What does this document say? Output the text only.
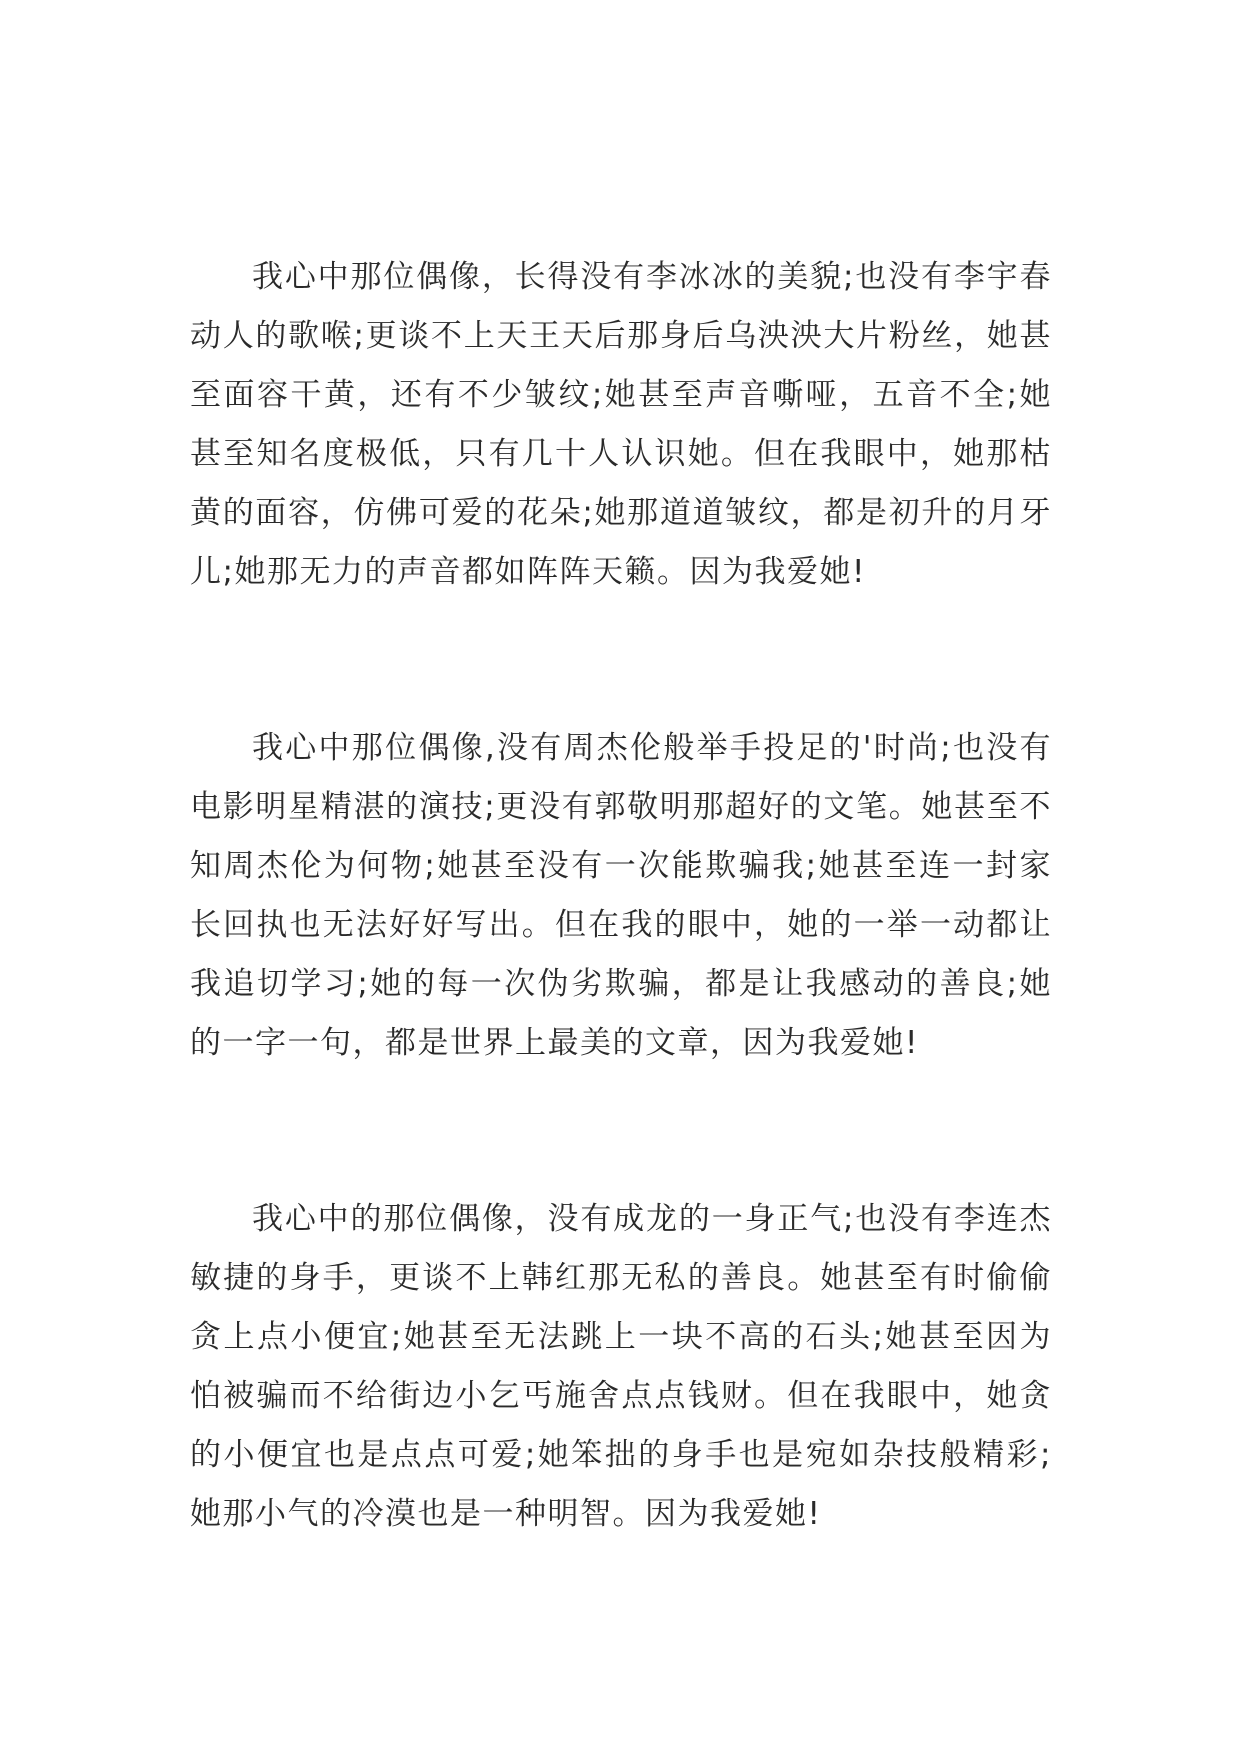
我心中那位偶像，长得没有李冰冰的美貌;也没有李宇春动人的歌喉;更谈不上天王天后那身后乌泱泱大片粉丝，她甚至面容干黄，还有不少皱纹;她甚至声音嘶哑，五音不全;她甚至知名度极低，只有几十人认识她。但在我眼中，她那枯黄的面容，仿佛可爱的花朵;她那道道皱纹，都是初升的月牙儿;她那无力的声音都如阵阵天籁。因为我爱她!

我心中那位偶像,没有周杰伦般举手投足的'时尚;也没有电影明星精湛的演技;更没有郭敬明那超好的文笔。她甚至不知周杰伦为何物;她甚至没有一次能欺骗我;她甚至连一封家长回执也无法好好写出。但在我的眼中，她的一举一动都让我追切学习;她的每一次伪劣欺骗，都是让我感动的善良;她的一字一句，都是世界上最美的文章，因为我爱她!

我心中的那位偶像，没有成龙的一身正气;也没有李连杰敏捷的身手，更谈不上韩红那无私的善良。她甚至有时偷偷贪上点小便宜;她甚至无法跳上一块不高的石头;她甚至因为怕被骗而不给街边小乞丐施舍点点钱财。但在我眼中，她贪的小便宜也是点点可爱;她笨拙的身手也是宛如杂技般精彩;她那小气的冷漠也是一种明智。因为我爱她!
